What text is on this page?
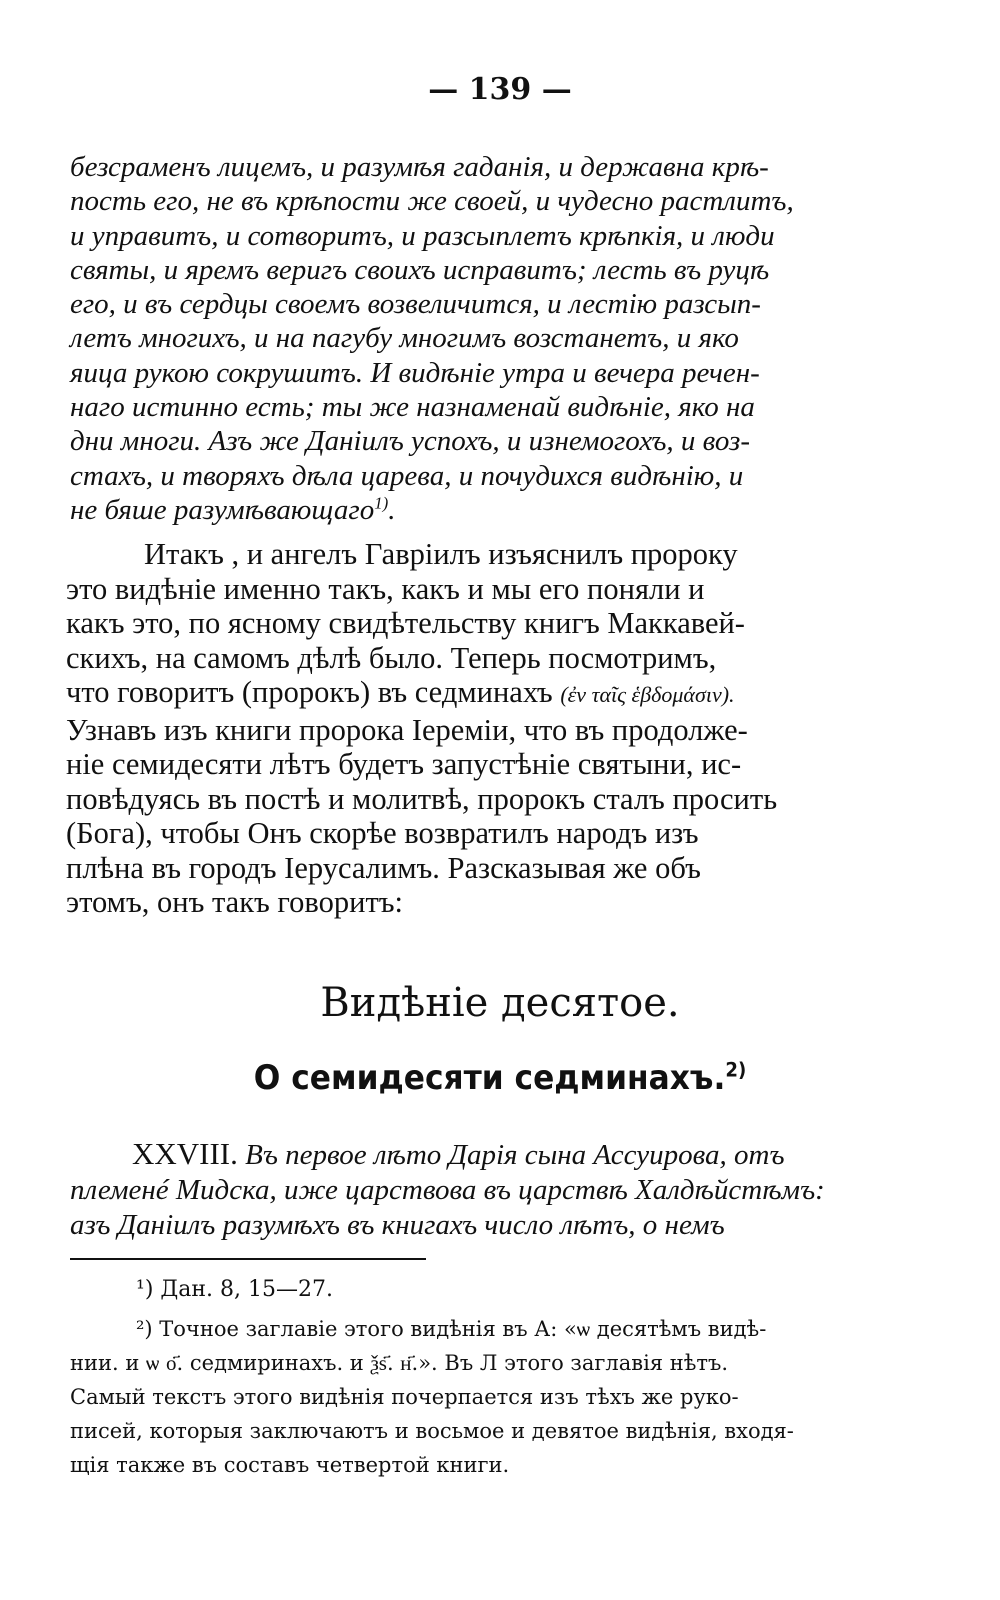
— 139 —
безсраменъ лицемъ, и разумѣя гаданія, и державна крѣ-
пость его, не въ крѣпости же своей, и чудесно растлитъ,
и управитъ, и сотворитъ, и разсыплетъ крѣпкія, и люди
святы, и яремъ веригъ своихъ исправитъ; лесть въ руцѣ
его, и въ сердцы своемъ возвеличится, и лестію разсып-
летъ многихъ, и на пагубу многимъ возстанетъ, и яко
яица рукою сокрушитъ. И видѣніе утра и вечера речен-
наго истинно есть; ты же назнаменай видѣніе, яко на
дни многи. Азъ же Даніилъ успохъ, и изнемогохъ, и воз-
стахъ, и творяхъ дѣла царева, и почудихся видѣнію, и
не бяше разумѣвающаго$^{1)}$.
Итакъ , и ангелъ Гавріилъ изъяснилъ пророку
это видѣніе именно такъ, какъ и мы его поняли и
какъ это, по ясному свидѣтельству книгъ Маккавей-
скихъ, на самомъ дѣлѣ было. Теперь посмотримъ,
что говоритъ (пророкъ) въ седминахъ (ἐν ταῖς ἑβδομάσιν).
Узнавъ изъ книги пророка Іереміи, что въ продолже-
ніе семидесяти лѣтъ будетъ запустѣніе святыни, ис-
повѣдуясь въ постѣ и молитвѣ, пророкъ сталъ просить
(Бога), чтобы Онъ скорѣе возвратилъ народъ изъ
плѣна въ городъ Іерусалимъ. Разсказывая же объ
этомъ, онъ такъ говоритъ:
Видѣніе десятое.
О семидесяти седминахъ.$^{2)}$
XXVIII. Въ первое лѣто Дарія сына Ассуирова, отъ
племенé Мидска, иже царствова въ царствѣ Халдѣйстѣмъ:
азъ Даніилъ разумѣхъ въ книгахъ число лѣтъ, о немъ
¹) Дан. 8, 15—27.
²) Точное заглавіе этого видѣнія въ А: «ѡ десятѣмъ видѣ-
нии. и ѡ о҃. седмиринахъ. и ѯѕ҃. н҃.». Въ Л этого заглавія нѣтъ.
Самый текстъ этого видѣнія почерпается изъ тѣхъ же руко-
писей, которыя заключаютъ и восьмое и девятое видѣнія, входя-
щія также въ составъ четвертой книги.
